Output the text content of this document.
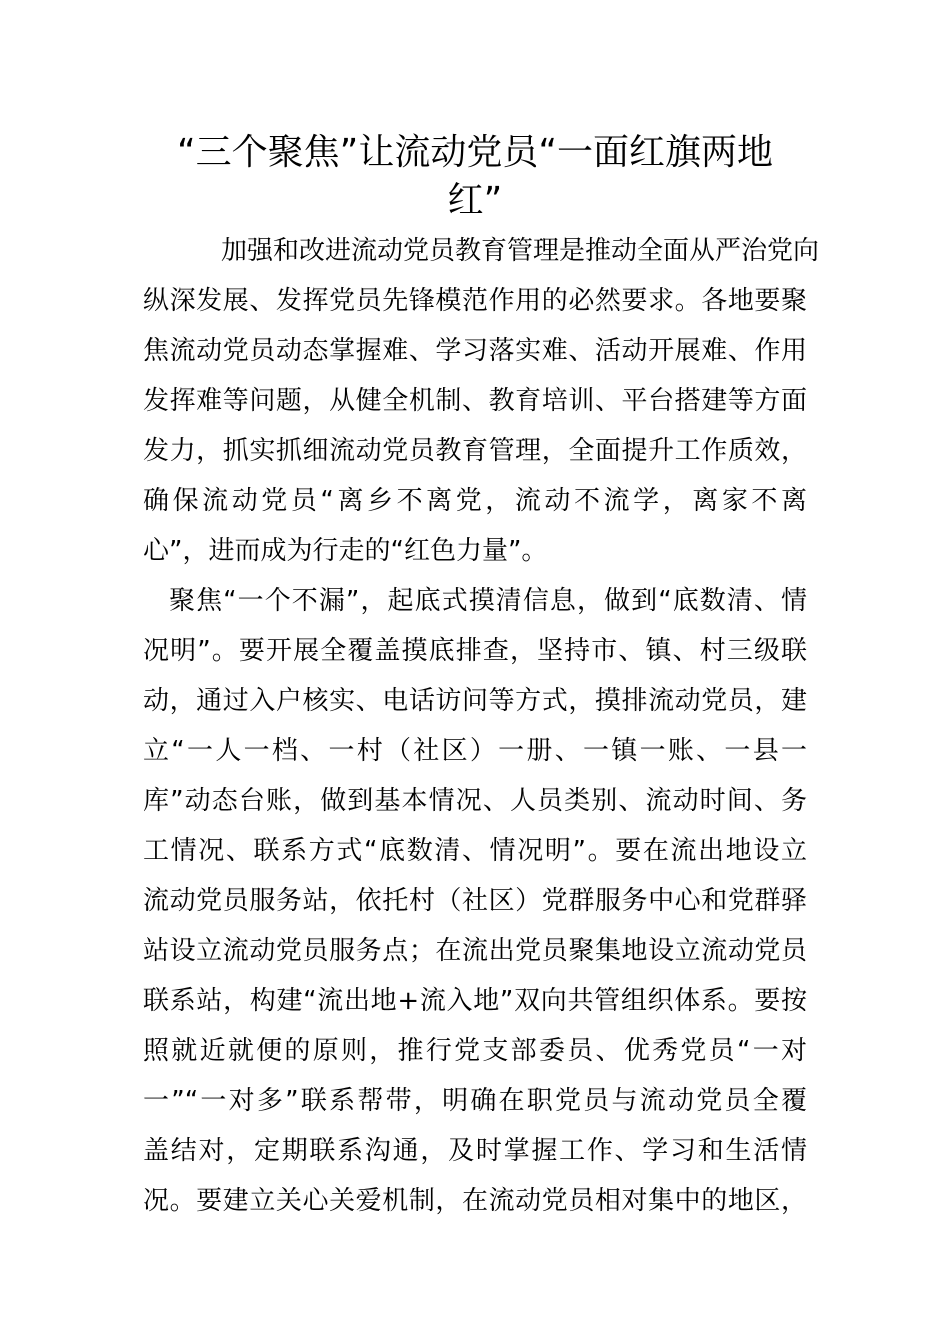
“三个聚焦”让流动党员“一面红旗两地
红”

加强和改进流动党员教育管理是推动全面从严治党向

纵深发展、发挥党员先锋模范作用的必然要求。各地要聚

焦流动党员动态掌握难、学习落实难、活动开展难、作用

发挥难等问题，从健全机制、教育培训、平台搭建等方面

发力，抓实抓细流动党员教育管理，全面提升工作质效，

确保流动党员“离乡不离党，流动不流学，离家不离

心”，进而成为行走的“红色力量”。

聚焦“一个不漏”，起底式摸清信息，做到“底数清、情

况明”。要开展全覆盖摸底排查，坚持市、镇、村三级联

动，通过入户核实、电话访问等方式，摸排流动党员，建

立“一人一档、一村（社区）一册、一镇一账、一县一

库”动态台账，做到基本情况、人员类别、流动时间、务

工情况、联系方式“底数清、情况明”。要在流出地设立

流动党员服务站，依托村（社区）党群服务中心和党群驿

站设立流动党员服务点；在流出党员聚集地设立流动党员

联系站，构建“流出地+流入地”双向共管组织体系。要按

照就近就便的原则，推行党支部委员、优秀党员“一对

一”“一对多”联系帮带，明确在职党员与流动党员全覆

盖结对，定期联系沟通，及时掌握工作、学习和生活情

况。要建立关心关爱机制，在流动党员相对集中的地区，
